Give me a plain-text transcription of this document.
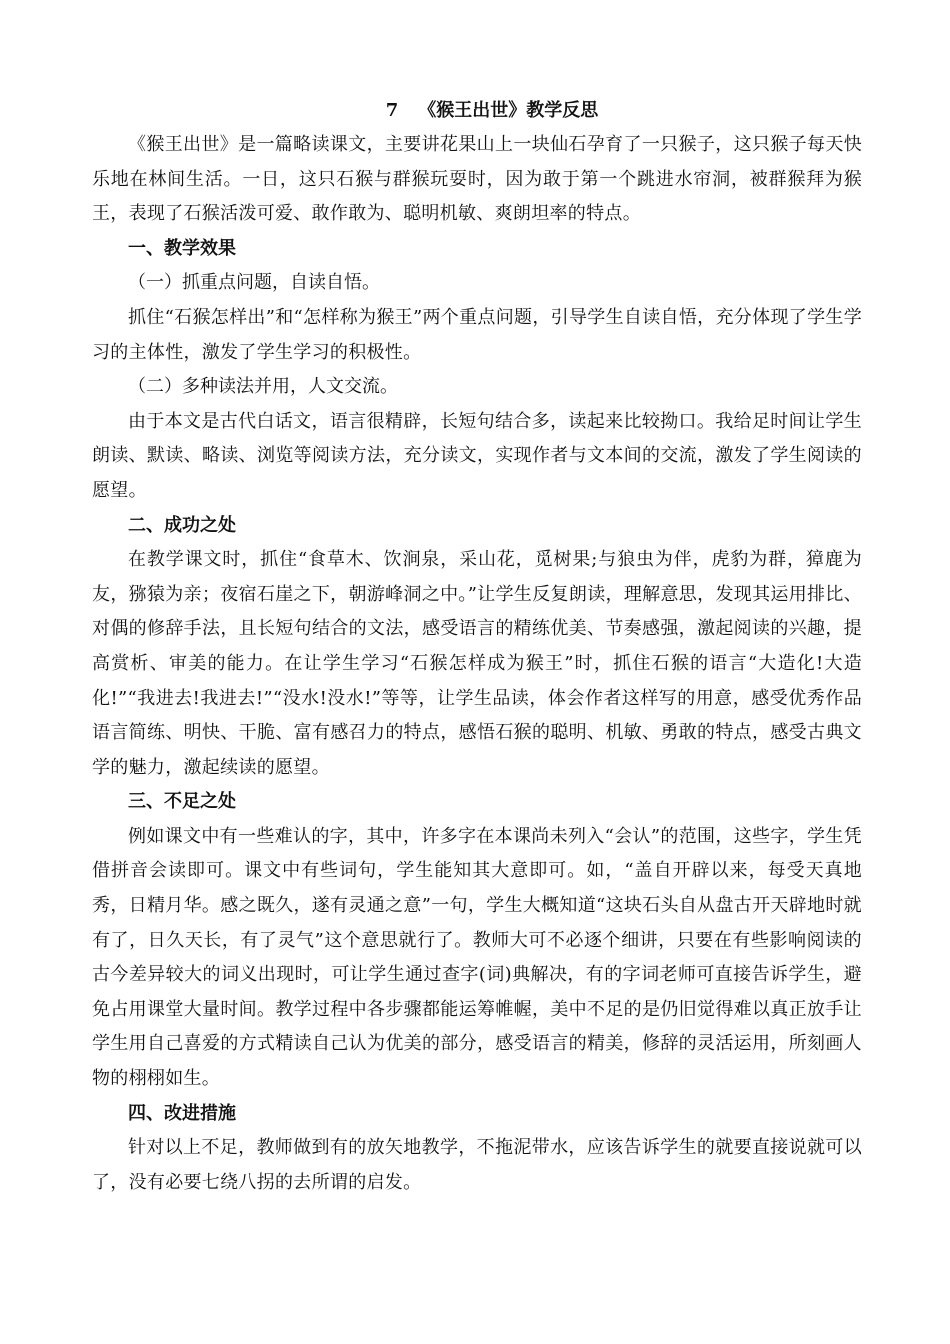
7 《猴王出世》教学反思

《猴王出世》是一篇略读课文，主要讲花果山上一块仙石孕育了一只猴子，这只猴子每天快乐地在林间生活。一日，这只石猴与群猴玩耍时，因为敢于第一个跳进水帘洞，被群猴拜为猴王，表现了石猴活泼可爱、敢作敢为、聪明机敏、爽朗坦率的特点。

一、教学效果

（一）抓重点问题，自读自悟。

抓住“石猴怎样出”和“怎样称为猴王”两个重点问题，引导学生自读自悟，充分体现了学生学习的主体性，激发了学生学习的积极性。

（二）多种读法并用，人文交流。

由于本文是古代白话文，语言很精辟，长短句结合多，读起来比较拗口。我给足时间让学生朗读、默读、略读、浏览等阅读方法，充分读文，实现作者与文本间的交流，激发了学生阅读的愿望。

二、成功之处

在教学课文时，抓住“食草木、饮涧泉，采山花，觅树果;与狼虫为伴，虎豹为群，獐鹿为友，猕猿为亲；夜宿石崖之下，朝游峰洞之中。”让学生反复朗读，理解意思，发现其运用排比、对偶的修辞手法，且长短句结合的文法，感受语言的精练优美、节奏感强，激起阅读的兴趣，提高赏析、审美的能力。在让学生学习“石猴怎样成为猴王”时，抓住石猴的语言“大造化!大造化!”“我进去!我进去!”“没水!没水!”等等，让学生品读，体会作者这样写的用意，感受优秀作品语言简练、明快、干脆、富有感召力的特点，感悟石猴的聪明、机敏、勇敢的特点，感受古典文学的魅力，激起续读的愿望。

三、不足之处

例如课文中有一些难认的字，其中，许多字在本课尚未列入“会认”的范围，这些字，学生凭借拼音会读即可。课文中有些词句，学生能知其大意即可。如，“盖自开辟以来，每受天真地秀，日精月华。感之既久，遂有灵通之意”一句，学生大概知道“这块石头自从盘古开天辟地时就有了，日久天长，有了灵气”这个意思就行了。教师大可不必逐个细讲，只要在有些影响阅读的古今差异较大的词义出现时，可让学生通过查字(词)典解决，有的字词老师可直接告诉学生，避免占用课堂大量时间。教学过程中各步骤都能运筹帷幄，美中不足的是仍旧觉得难以真正放手让学生用自己喜爱的方式精读自己认为优美的部分，感受语言的精美，修辞的灵活运用，所刻画人物的栩栩如生。

四、改进措施

针对以上不足，教师做到有的放矢地教学，不拖泥带水，应该告诉学生的就要直接说就可以了，没有必要七绕八拐的去所谓的启发。
